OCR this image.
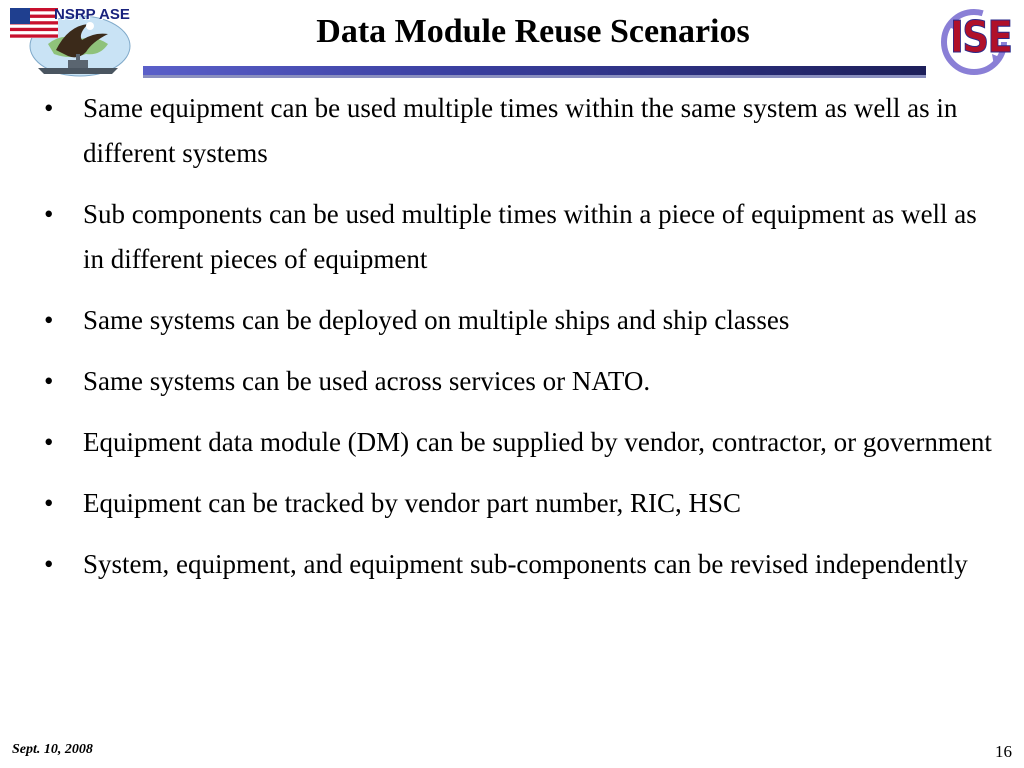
NSRP ASE	Data Module Reuse Scenarios	ISE
• Same equipment can be used multiple times within the same system as well as in different systems
• Sub components can be used multiple times within a piece of equipment as well as in different pieces of equipment
• Same systems can be deployed on multiple ships and ship classes
• Same systems can be used across services or NATO.
• Equipment data module (DM) can be supplied by vendor, contractor, or government
• Equipment can be tracked by vendor part number, RIC, HSC
• System, equipment, and equipment sub-components can be revised independently
Sept. 10, 2008	16
